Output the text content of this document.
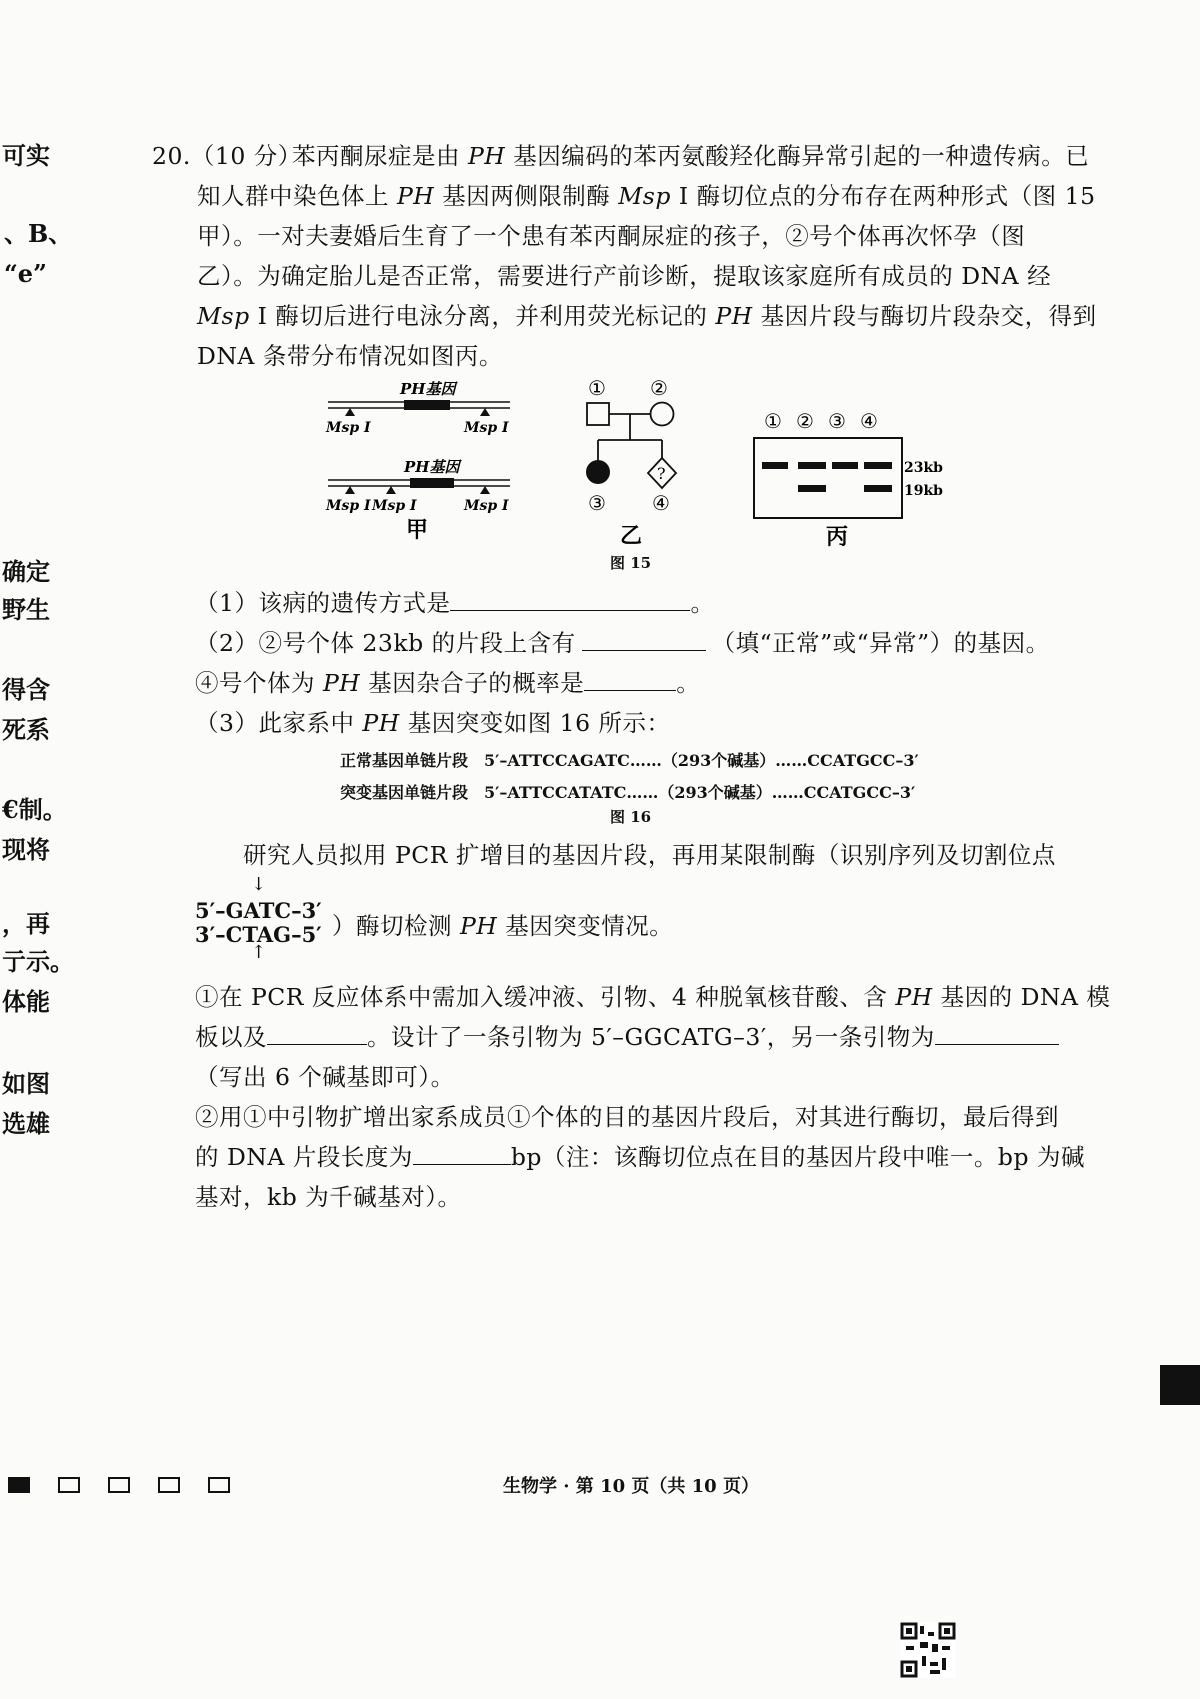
可实
、B、
“e”
确定
野生
得含
死系
€制。
现将
，再
亍示。
体能
如图
选雄
20.（10 分）
苯丙酮尿症是由 PH 基因编码的苯丙氨酸羟化酶异常引起的一种遗传病。已
知人群中染色体上 PH 基因两侧限制酶 Msp I 酶切位点的分布存在两种形式（图 15
甲）。一对夫妻婚后生育了一个患有苯丙酮尿症的孩子，②号个体再次怀孕（图
乙）。为确定胎儿是否正常，需要进行产前诊断，提取该家庭所有成员的 DNA 经
Msp I 酶切后进行电泳分离，并利用荧光标记的 PH 基因片段与酶切片段杂交，得到
DNA 条带分布情况如图丙。
PH基因
Msp I	Msp I
PH基因
Msp I Msp I	Msp I
甲
① ②
?
③ ④
乙
① ② ③ ④
23kb
19kb
丙
图 15
（1）该病的遗传方式是	。
（2）②号个体 23kb 的片段上含有	（填“正常”或“异常”）的基因。
④号个体为 PH 基因杂合子的概率是	。
（3）此家系中 PH 基因突变如图 16 所示：
正常基因单链片段 5′–ATTCCAGATC……（293个碱基）……CCATGCC–3′
突变基因单链片段 5′–ATTCCATATC……（293个碱基）……CCATGCC–3′
图 16
研究人员拟用 PCR 扩增目的基因片段，再用某限制酶（识别序列及切割位点
↓
5′–GATC–3′
3′–CTAG–5′
↑
）酶切检测 PH 基因突变情况。
①在 PCR 反应体系中需加入缓冲液、引物、4 种脱氧核苷酸、含 PH 基因的 DNA 模
板以及	。设计了一条引物为 5′–GGCATG–3′，另一条引物为
（写出 6 个碱基即可）。
②用①中引物扩增出家系成员①个体的目的基因片段后，对其进行酶切，最后得到
的 DNA 片段长度为	bp（注：该酶切位点在目的基因片段中唯一。bp 为碱
基对，kb 为千碱基对）。
生物学 · 第 10 页（共 10 页）
